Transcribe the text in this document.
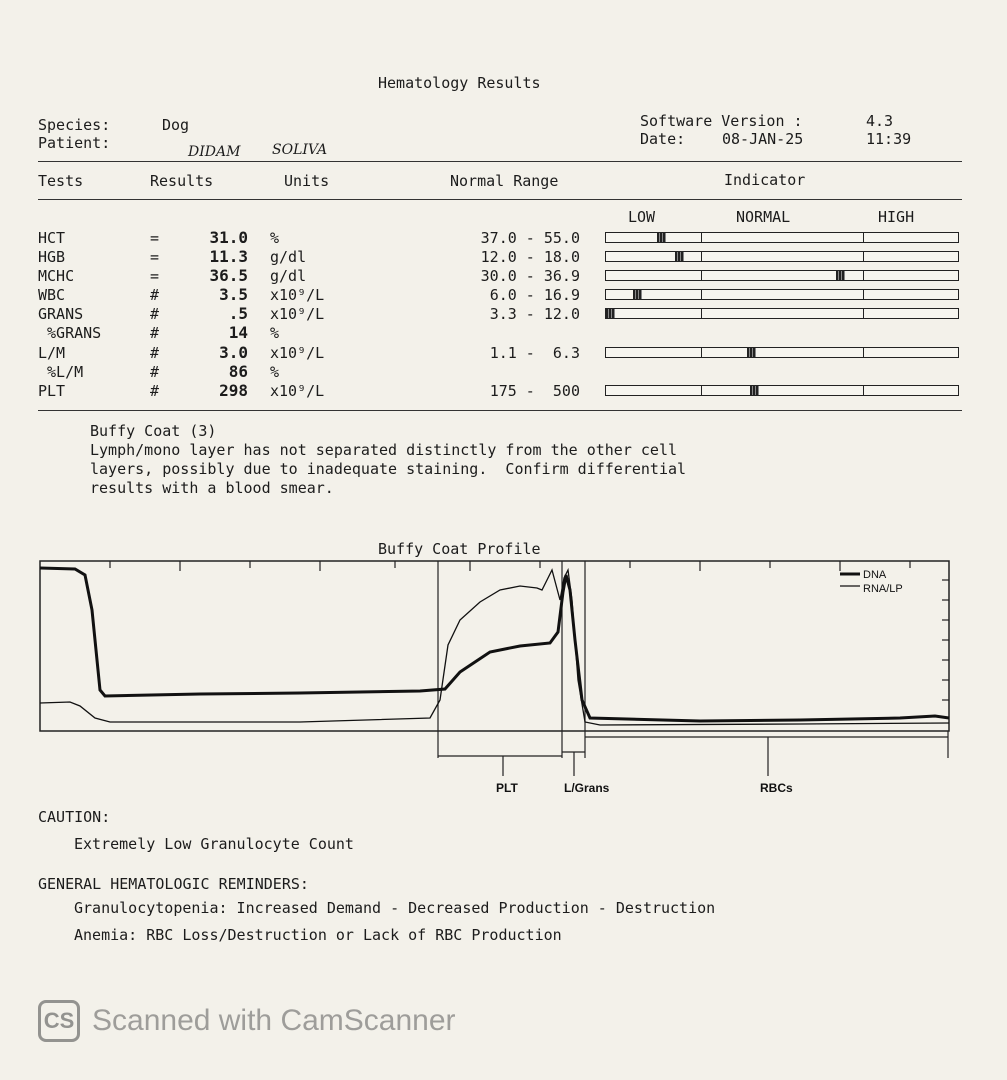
Hematology Results
Species:	Dog
Patient:	DIDAM SOLIVA
Software Version :	4.3
Date: 08-JAN-25	11:39
Tests	Results	Units	Normal Range	Indicator
LOW	NORMAL	HIGH
HCT	=	31.0 %	37.0 - 55.0
HGB	=	11.3 g/dl	12.0 - 18.0
MCHC	=	36.5 g/dl	30.0 - 36.9
WBC	#	3.5 x10⁹/L	6.0 - 16.9
GRANS	#	.5 x10⁹/L	3.3 - 12.0
%GRANS	#	14 %
L/M	#	3.0 x10⁹/L	1.1 -  6.3
%L/M	#	86 %
PLT	#	298 x10⁹/L	175 -  500
Buffy Coat (3)
Lymph/mono layer has not separated distinctly from the other cell
layers, possibly due to inadequate staining.  Confirm differential
results with a blood smear.
Buffy Coat Profile
DNA
RNA/LP
PLT	L/Grans	RBCs
CAUTION:
Extremely Low Granulocyte Count
GENERAL HEMATOLOGIC REMINDERS:
Granulocytopenia: Increased Demand - Decreased Production - Destruction
Anemia: RBC Loss/Destruction or Lack of RBC Production
CS Scanned with CamScanner
